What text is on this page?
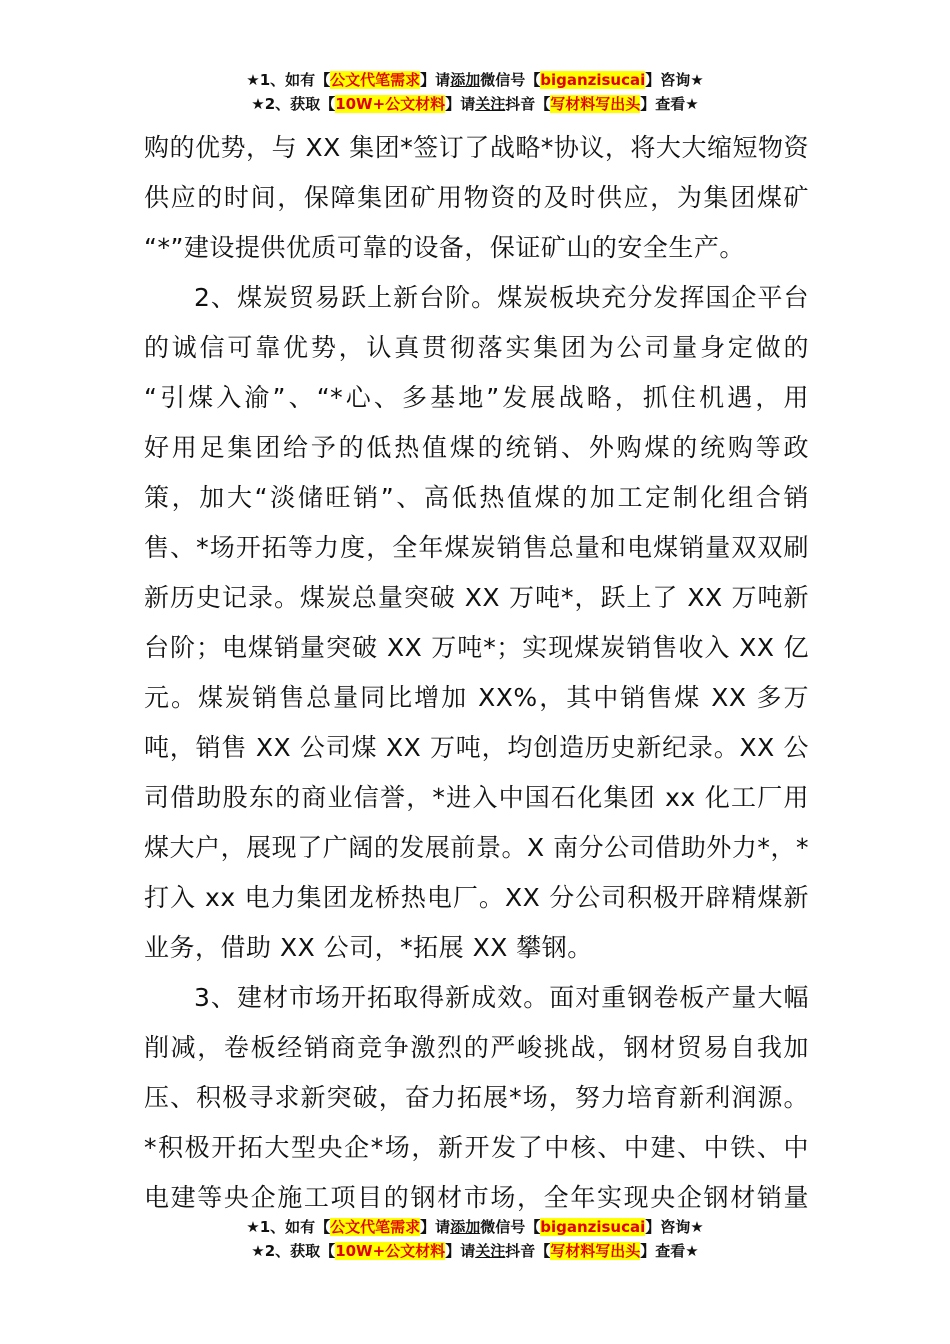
★1、如有【公文代笔需求】请添加微信号【biganzisucai】咨询★
★2、获取【10W+公文材料】请关注抖音【写材料写出头】查看★
购的优势，与 XX 集团*签订了战略*协议，将大大缩短物资
供应的时间，保障集团矿用物资的及时供应，为集团煤矿
“*”建设提供优质可靠的设备，保证矿山的安全生产。
2、煤炭贸易跃上新台阶。煤炭板块充分发挥国企平台
的诚信可靠优势，认真贯彻落实集团为公司量身定做的
“引煤入渝”、“*心、多基地”发展战略，抓住机遇，用
好用足集团给予的低热值煤的统销、外购煤的统购等政
策，加大“淡储旺销”、高低热值煤的加工定制化组合销
售、*场开拓等力度，全年煤炭销售总量和电煤销量双双刷
新历史记录。煤炭总量突破 XX 万吨*，跃上了 XX 万吨新
台阶；电煤销量突破 XX 万吨*；实现煤炭销售收入 XX 亿
元。煤炭销售总量同比增加 XX%，其中销售煤 XX 多万
吨，销售 XX 公司煤 XX 万吨，均创造历史新纪录。XX 公
司借助股东的商业信誉，*进入中国石化集团 xx 化工厂用
煤大户，展现了广阔的发展前景。X 南分公司借助外力*，*
打入 xx 电力集团龙桥热电厂。XX 分公司积极开辟精煤新
业务，借助 XX 公司，*拓展 XX 攀钢。
3、建材市场开拓取得新成效。面对重钢卷板产量大幅
削减，卷板经销商竞争激烈的严峻挑战，钢材贸易自我加
压、积极寻求新突破，奋力拓展*场，努力培育新利润源。
*积极开拓大型央企*场，新开发了中核、中建、中铁、中
电建等央企施工项目的钢材市场，全年实现央企钢材销量
★1、如有【公文代笔需求】请添加微信号【biganzisucai】咨询★
★2、获取【10W+公文材料】请关注抖音【写材料写出头】查看★
